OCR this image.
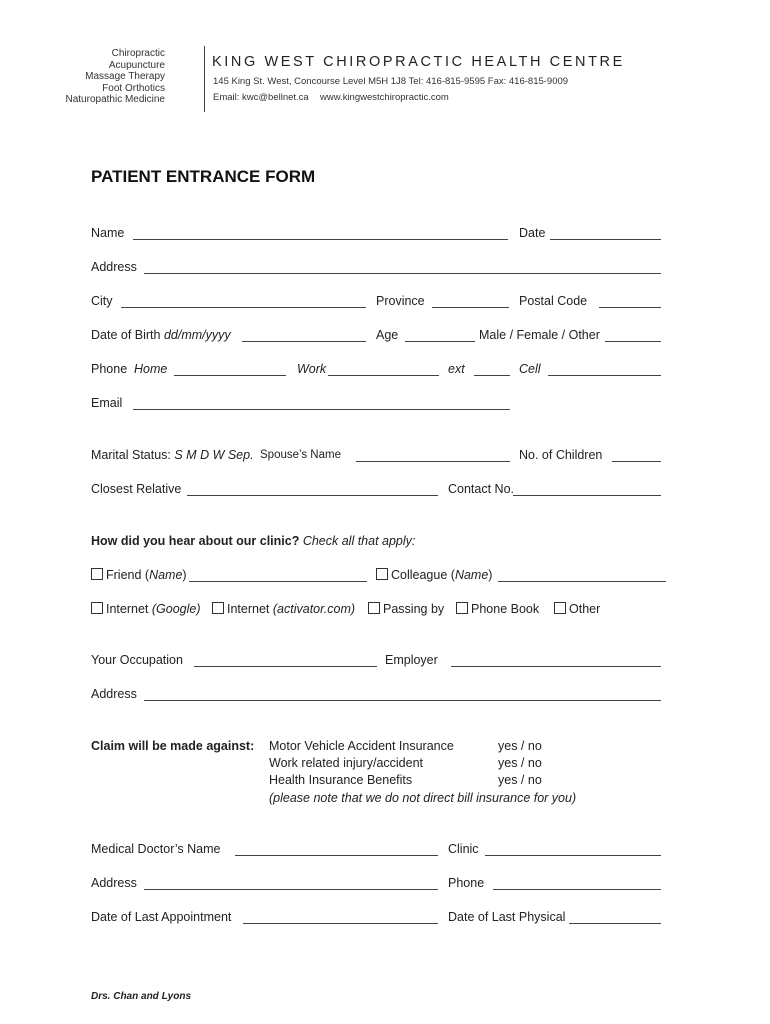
Chiropractic
Acupuncture
Massage Therapy
Foot Orthotics
Naturopathic Medicine
KING WEST CHIROPRACTIC HEALTH CENTRE
145 King St. West, Concourse Level M5H 1J8 Tel: 416-815-9595 Fax: 416-815-9009
Email: kwc@bellnet.ca www.kingwestchiropractic.com
PATIENT ENTRANCE FORM
Name	Date
Address
City	Province	Postal Code
Date of Birth dd/mm/yyyy	Age	Male / Female / Other
Phone Home	Work	ext	Cell
Email
Marital Status: S M D W Sep. Spouse’s Name	No. of Children
Closest Relative	Contact No.
How did you hear about our clinic? Check all that apply:
Friend (Name)	Colleague (Name)
Internet (Google)	Internet (activator.com)	Passing by	Phone Book	Other
Your Occupation	Employer
Address
Claim will be made against: Motor Vehicle Accident Insurance	yes / no
Work related injury/accident	yes / no
Health Insurance Benefits	yes / no
(please note that we do not direct bill insurance for you)
Medical Doctor’s Name	Clinic
Address	Phone
Date of Last Appointment	Date of Last Physical
Drs. Chan and Lyons
